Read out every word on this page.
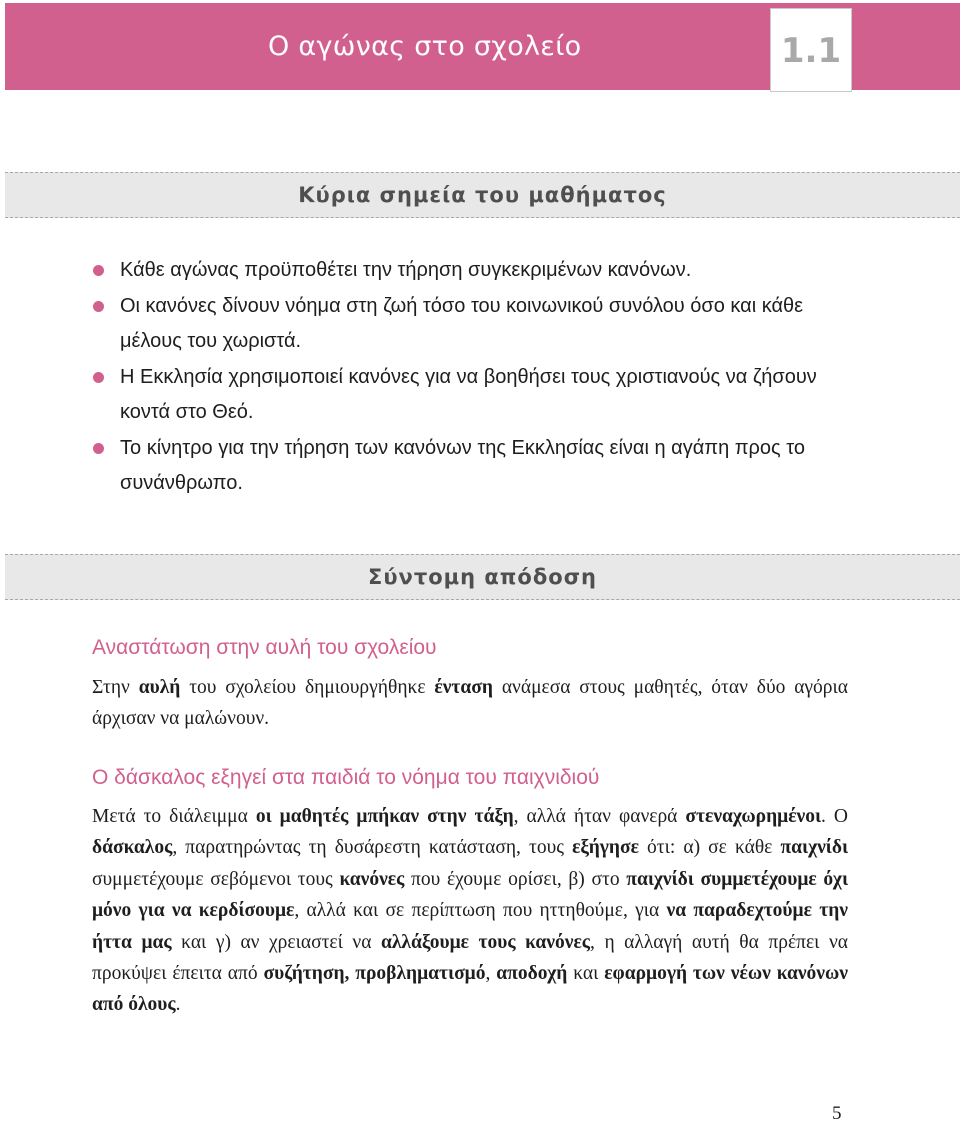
Ο αγώνας στο σχολείο	1.1
Κύρια σημεία του μαθήματος
Κάθε αγώνας προϋποθέτει την τήρηση συγκεκριμένων κανόνων.
Οι κανόνες δίνουν νόημα στη ζωή τόσο του κοινωνικού συνόλου όσο και κάθε μέλους του χωριστά.
Η Εκκλησία χρησιμοποιεί κανόνες για να βοηθήσει τους χριστιανούς να ζήσουν κοντά στο Θεό.
Το κίνητρο για την τήρηση των κανόνων της Εκκλησίας είναι η αγάπη προς το συνάνθρωπο.
Σύντομη απόδοση
Αναστάτωση στην αυλή του σχολείου

Στην αυλή του σχολείου δημιουργήθηκε ένταση ανάμεσα στους μαθητές, όταν δύο αγόρια άρχισαν να μαλώνουν.

Ο δάσκαλος εξηγεί στα παιδιά το νόημα του παιχνιδιού

Μετά το διάλειμμα οι μαθητές μπήκαν στην τάξη, αλλά ήταν φανερά στεναχωρημένοι. Ο δάσκαλος, παρατηρώντας τη δυσάρεστη κατάσταση, τους εξήγησε ότι: α) σε κάθε παιχνίδι συμμετέχουμε σεβόμενοι τους κανόνες που έχουμε ορίσει, β) στο παιχνίδι συμμετέχουμε όχι μόνο για να κερδίσουμε, αλλά και σε περίπτωση που ηττηθούμε, για να παραδεχτούμε την ήττα μας και γ) αν χρειαστεί να αλλάξουμε τους κανόνες, η αλλαγή αυτή θα πρέπει να προκύψει έπειτα από συζήτηση, προβληματισμό, αποδοχή και εφαρμογή των νέων κανόνων από όλους.

5
